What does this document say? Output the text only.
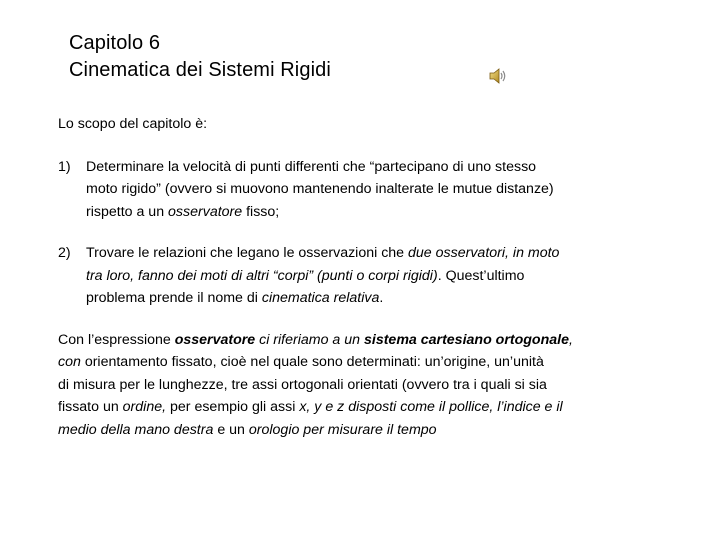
Capitolo 6
Cinematica dei Sistemi Rigidi

Lo scopo del capitolo è:

1) Determinare la velocità di punti differenti che “partecipano di uno stesso
moto rigido” (ovvero si muovono mantenendo inalterate le mutue distanze)
rispetto a un osservatore fisso;
2) Trovare le relazioni che legano le osservazioni che due osservatori, in moto
tra loro, fanno dei moti di altri “corpi” (punti o corpi rigidi). Quest’ultimo
problema prende il nome di cinematica relativa.
Con l’espressione osservatore ci riferiamo a un sistema cartesiano ortogonale,
con orientamento fissato, cioè nel quale sono determinati: un’origine, un’unità
di misura per le lunghezze, tre assi ortogonali orientati (ovvero tra i quali si sia
fissato un ordine, per esempio gli assi x, y e z disposti come il pollice, l’indice e il
medio della mano destra e un orologio per misurare il tempo
